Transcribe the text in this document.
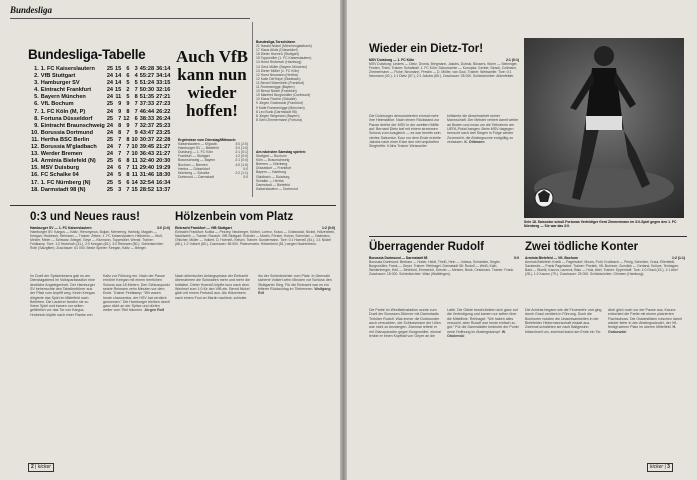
Bundesliga
Bundesliga-Tabelle
1.	1. FC Kaiserslautern	25	15	6	3	45:28	36:14
2.	VfB Stuttgart	24	14	6	4	55:27	34:14
3.	Hamburger SV	24	14	5	5	51:24	33:15
4.	Eintracht Frankfurt	24	15	2	7	50:30	32:16
5.	Bayern München	24	11	5	8	51:35	27:21
6.	VfL Bochum	25	9	9	7	37:33	27:23
7.	1. FC Köln (M, P)	24	9	8	7	46:44	26:22
8.	Fortuna Düsseldorf	25	7	12	6	38:33	26:24
9.	Eintracht Braunschweig	24	8	9	7	32:37	25:23
10.	Borussia Dortmund	24	8	7	9	43:47	23:25
11.	Hertha BSC Berlin	25	7	8	10	30:37	22:28
12.	Borussia M'gladbach	24	7	7	10	39:45	21:27
13.	Werder Bremen	24	7	7	10	36:43	21:27
14.	Arminia Bielefeld (N)	25	6	8	11	32:40	20:30
15.	MSV Duisburg	24	6	7	11	29:40	19:29
16.	FC Schalke 04	24	5	8	11	31:46	18:30
17.	1. FC Nürnberg (N)	25	5	6	14	32:54	16:34
18.	Darmstadt 98 (N)	25	3	7	15	28:52	13:37
Auch VfB
kann nun
wieder
hoffen!
Bundesliga-Torschützen
21 Harald Nickel (Mönchengladbach)
17 Klaus Allofs (Düsseldorf)
15 Dieter Hoeneß (Stuttgart)
15 Toppmöller (1. FC Kaiserslautern)
14 Horst Hrubesch (Hamburg)
14 Gerd Müller (Bayern München)
13 Dieter Müller (1. FC Köln)
12 Horst Neumann (Hertha)
12 Kalle Del'Haye (Gladbach)
11 Bernd Hölzenbein (Frankfurt)
11 Rummenigge (Bayern)
10 Bernd Nickel (Frankfurt)
10 Manfred Burgsmüller (Dortmund)
10 Klaus Fischer (Schalke)
9 Jürgen Grabowski (Frankfurt)
9 Kalle Rummenigge (München)
8 Leo Bunk (Darmstadt 98)
8 Jürgen Wegmann (Bayern)
8 Gerd Zimmermann (Fortuna)
Ergebnisse vom Dienstag/Mittwoch:
Kaiserslautern — M'gladb.	3:0 (2:0)
Hamburger SV — Bielefeld	3:0 (1:0)
Duisburg — 1. FC Köln	2:1 (0:1)
Frankfurt — Stuttgart	1:2 (0:0)
Braunschweig — Bayern	2:1 (0:0)
Bochum — Bremen	4:0 (1:0)
Hertha — Düsseldorf	0:0
Nürnberg — Schalke	2:2 (1:1)
Dortmund — Darmstadt	0:0
Am nächsten Samstag spielen:
Stuttgart — Bochum
Köln — Braunschweig
Bremen — Nürnberg
Düsseldorf — Frankfurt
Bayern — Hamburg
Gladbach — Duisburg
Schalke — Hertha
Darmstadt — Bielefeld
Kaiserslautern — Dortmund
0:3 und Neues raus!
Hamburger SV — 1. FC Kaiserslautern	3:0 (1:0)
Hamburger SV: Kargus — Kaltz, Hieronymus, Buljan, Memering, Hartwig, Magath — Keegan, Hrubesch, Reimann — Trainer: Zebec. 1. FC Kaiserslautern: Hellström — Wolf, Melzer, Meier — Schwarz, Briegel, Geye — Kitzmann, Toppmöller, Wendt. Trainer: Feldkamp. Tore: 1:0 Hrubesch (31.), 2:0 Keegan (62.), 3:0 Reimann (80.). Schiedsrichter: Roth (Salzgitter). Zuschauer: 61 000. Beste Spieler: Keegan, Kaltz — Briegel.
Im Duell der Spitzenteams gab es am Dienstagabend im Volksparkstadion eine deutliche Angelegenheit. Der Hamburger SV beherrschte den Tabellenführer aus der Pfalz vom Anpfiff weg. Kevin Keegan dirigierte das Spiel im Mittelfeld nach Belieben. Die Lauterer fanden nie zu ihrem Spiel und kamen nur selten gefährlich vor das Tor von Kargus. Hrubesch köpfte nach einer Flanke von Kaltz zur Führung ein. Nach der Pause erhöhte Keegan mit einem herrlichen Schuss aus 18 Metern. Den Schlusspunkt setzte Reimann zehn Minuten vor dem Ende. Trainer Feldkamp: "Wir waren heute chancenlos, der HSV hat verdient gewonnen." Die Hamburger bleiben damit ganz dicht an der Spitze und dürfen weiter vom Titel träumen. Jürgen Rolf
Hölzenbein vom Platz
Eintracht Frankfurt — VfB Stuttgart	1:2 (0:0)
Eintracht Frankfurt: Koitka — Pezzey, Neuberger, Körbel, Lorenz, Kraus — Grabowski, Nickel, Hölzenbein, Nachtweih — Trainer: Rausch. VfB Stuttgart: Roleder — Martin, Förster, Holcer, Schmider — Hadewicz, Ohlicher, Müller — Volkert, D. Hoeneß, Kelsch. Trainer: Sundermann. Tore: 0:1 Hoeneß (54.), 1:1 Nickel (68.), 1:2 Volkert (80.). Zuschauer: 58 000. Platzverweis: Hölzenbein (81.) wegen Nachtretens.
Nach stürmischer Anfangsphase der Eintracht übernahmen die Schwaben mehr und mehr die Initiative. Dieter Hoeneß köpfte kurz nach dem Wechsel zum 1:0 für den VfB ein. Bernd Nickel glich mit einem Freistoß aus. Als Hölzenbein nach einem Foul an Martin nachtrat, schickte ihn der Schiedsrichter vom Platz. In Überzahl sicherte Volkert zehn Minuten vor Schluss den Stuttgarter Sieg. Für die Eintracht war es ein bitterer Rückschlag im Titelrennen. Wolfgang Rüf
2 | kicker
Wieder ein Dietz-Tor!
MSV Duisburg — 1. FC Köln	2:1 (0:1)
MSV Duisburg: Linders — Dietz, Dronia, Bregmann, Jakobs, Dubski, Büssers, Worm — Steininger, Fenten, Thies. Trainer: Schafstall. 1. FC Köln: Schumacher — Konopka, Gerber, Strack, Cullmann, Zimmermann — Flohe, Neumann, Prestin — D. Müller, van Gool. Trainer: Weisweiler. Tore: 0:1 Neumann (40.), 1:1 Dietz (57.), 2:1 Jakobs (85.). Zuschauer: 28 000. Schiedsrichter: Ahlenfelder.
Die Duisburger demonstrierten einmal mehr ihre Heimstärke. Nach einem Rückstand zur Pause drehte der MSV in der zweiten Hälfte auf. Bernard Dietz traf mit einem strammen Schuss zum Ausgleich — es war bereits sein viertes Saisontor. Kurz vor dem Ende erzielte Jakobs nach einer Ecke den viel umjubelten Siegtreffer. Kölns Trainer Weisweiler kritisierte die Abwehrarbeit seiner Mannschaft. Der Meister verliert damit weiter an Boden und muss um die Teilnahme am UEFA-Pokal bangen. Beim MSV dagegen herrscht nach drei Siegen in Folge wieder Zuversicht, die Abstiegszone endgültig zu verlassen. K. Dittmann
Sein 18. Saisontor schoß Fortunas Verteidiger Gerd Zimmermann im 3:0-Spiel gegen den 1. FC Nürnberg — Sie war das 3:0.
Überragender Rudolf
Borussia Dortmund — Darmstadt 98	0:0
Borussia Dortmund: Bertram — Huber, Heldt, Theiß, Hein — Votava, Schneider, Segler, Burgsmüller, Frank — Geyer. Trainer: Rehhagel. Darmstadt 98: Rudolf — Weiß, Kalb, Westenberger, Heß — Bechtold, Emmerich, Drexler — Metzler, Bunk, Cestonaro. Trainer: Frank. Zuschauer: 18 000. Schiedsrichter: Walz (Waiblingen).
Die Partie im Westfalenstadion wurde zum Duell der Borussen-Stürmer mit Darmstadts Torhüter Rudolf. Was immer die Dortmunder auch versuchten, der Schlussmann der Lilien war nicht zu bezwingen. Zweimal rettete er mit Glanzparaden gegen Burgsmüller, einmal lenkte er einen Kopfball von Geyer an die Latte. Die Gäste beschränkten sich ganz auf die Verteidigung und kamen nur selten über die Mittellinie. Rehhagel: "Wir haben alles versucht, aber Rudolf war heute einfach zu gut." Für die Darmstädter bedeutet der Punkt neue Hoffnung im Abstiegskampf. W. Obolenski
Zwei tödliche Konter
Arminia Bielefeld — VfL Bochum	1:2 (1:1)
Arminia Bielefeld: Kneib — Pagelsdorf, Moors, Pohl, Krobbach — Pirsig, Schröder, Graul, Eilenfeldt, Sackewitz — Frank Pagelsdorf. Trainer: Piontek. VfL Bochum: Zumdick — Gerland, Knüwe, Tenhagen, Bast — Woelk, Kaczor, Lameck, Blau — Holz, Abel. Trainer: Eppenhoff. Tore: 1:0 Graul (15.), 1:1 Abel (28.), 1:2 Kaczor (79.). Zuschauer: 25 000. Schiedsrichter: Ohmsen (Hamburg).
Die Arminia begann wie die Feuerwehr und ging durch Graul verdient in Führung. Doch die Bochumer nutzten die Unachtsamkeiten in der Bielefelder Hintermannschaft eiskalt aus. Zweimal schalteten sie nach Ballgewinn blitzschnell um, zweimal stand am Ende ein Tor. Abel glich noch vor der Pause aus, Kaczor entschied die Partie mit einem platzierten Flachschuss. Die Ostwestfalen rutschen damit wieder tiefer in den Abstiegsstrudel, der VfL festigt seinen Platz im oberen Mittelfeld. H. Grabowski
kicker | 3
